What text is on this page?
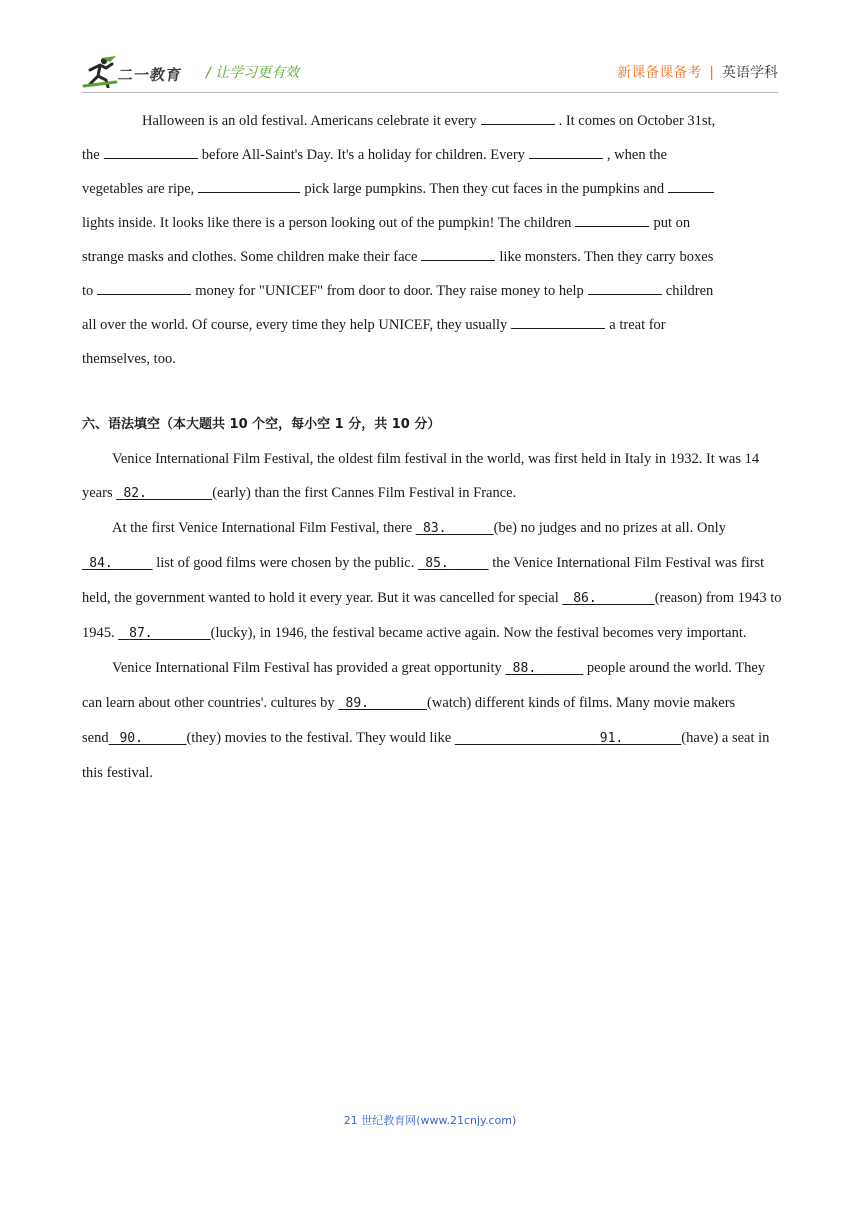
二一教育 / 让学习更有效	新课备课备考 | 英语学科

Halloween is an old festival. Americans celebrate it every	. It comes on October 31st,
the	before All-Saint's Day. It's a holiday for children. Every	, when the
vegetables are ripe,	pick large pumpkins. Then they cut faces in the pumpkins and
lights inside. It looks like there is a person looking out of the pumpkin! The children	put on
strange masks and clothes. Some children make their face	like monsters. Then they carry boxes
to	money for "UNICEF" from door to door. They raise money to help	children
all over the world. Of course, every time they help UNICEF, they usually	a treat for

themselves, too.

六、语法填空（本大题共 10 个空，每小空 1 分，共 10 分）

Venice International Film Festival, the oldest film festival in the world, was first held in Italy in 1932. It was 14 years 82.	(early) than the first Cannes Film Festival in France.

At the first Venice International Film Festival, there 83.	(be) no judges and no prizes at all. Only   84.	list of good films were chosen by the public. 85.	the Venice International Film Festival was first held, the government wanted to hold it every year. But it was cancelled for special 86.	(reason) from 1943 to 1945. 87.	(lucky), in 1946, the festival became active again. Now the festival becomes very important.

Venice International Film Festival has provided a great opportunity 88.	people around the world. They can learn about other countries'. cultures by 89.	(watch) different kinds of films. Many movie makers send 90.	(they) movies to the festival. They would like	91.	(have) a seat in this festival.

21 世纪教育网(www.21cnjy.com)
